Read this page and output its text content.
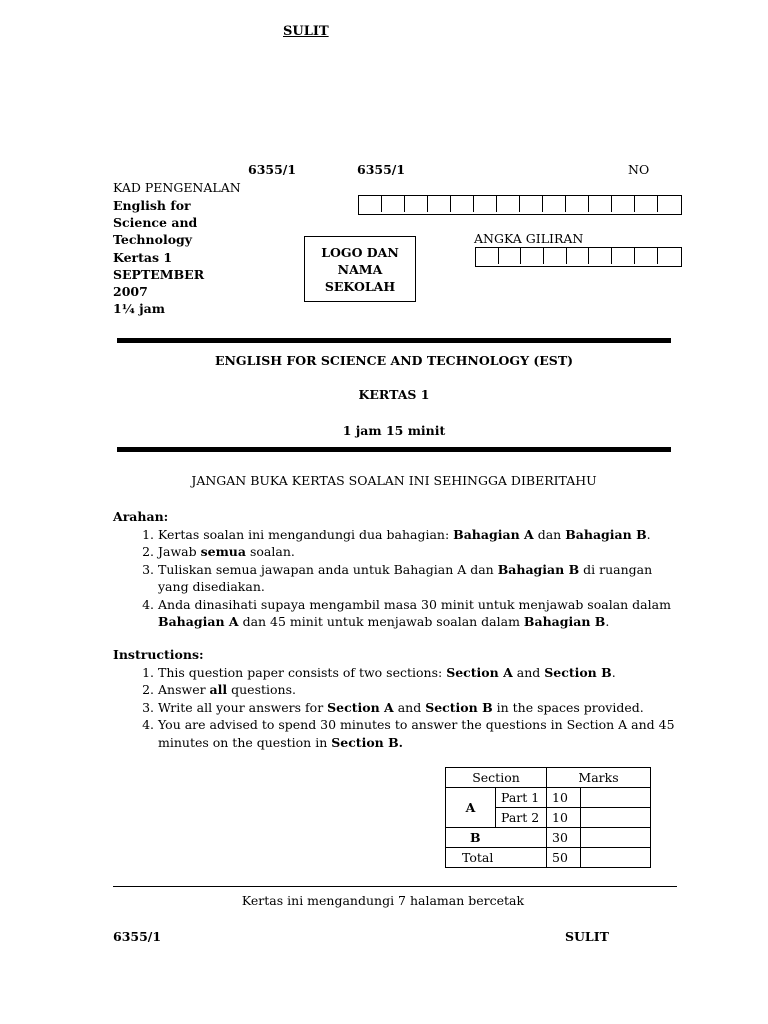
SULIT
6355/1	6355/1	NO
KAD PENGENALAN
English for
Science and
Technology
Kertas 1
SEPTEMBER
2007
1¼ jam
ANGKA GILIRAN
LOGO DAN
NAMA
SEKOLAH
ENGLISH FOR SCIENCE AND TECHNOLOGY (EST)
KERTAS 1
1 jam 15 minit
JANGAN BUKA KERTAS SOALAN INI SEHINGGA DIBERITAHU
Arahan:
1. Kertas soalan ini mengandungi dua bahagian: Bahagian A dan Bahagian B.
2. Jawab semua soalan.
3. Tuliskan semua jawapan anda untuk Bahagian A dan Bahagian B di ruangan yang disediakan.
4. Anda dinasihati supaya mengambil masa 30 minit untuk menjawab soalan dalam Bahagian A dan 45 minit untuk menjawab soalan dalam Bahagian B.
Instructions:
1. This question paper consists of two sections: Section A and Section B.
2. Answer all questions.
3. Write all your answers for Section A and Section B in the spaces provided.
4. You are advised to spend 30 minutes to answer the questions in Section A and 45 minutes on the question in Section B.
Section		Marks	
A	Part 1	10	
	Part 2	10	
B		30	
Total		50	
Kertas ini mengandungi 7 halaman bercetak
6355/1	SULIT
